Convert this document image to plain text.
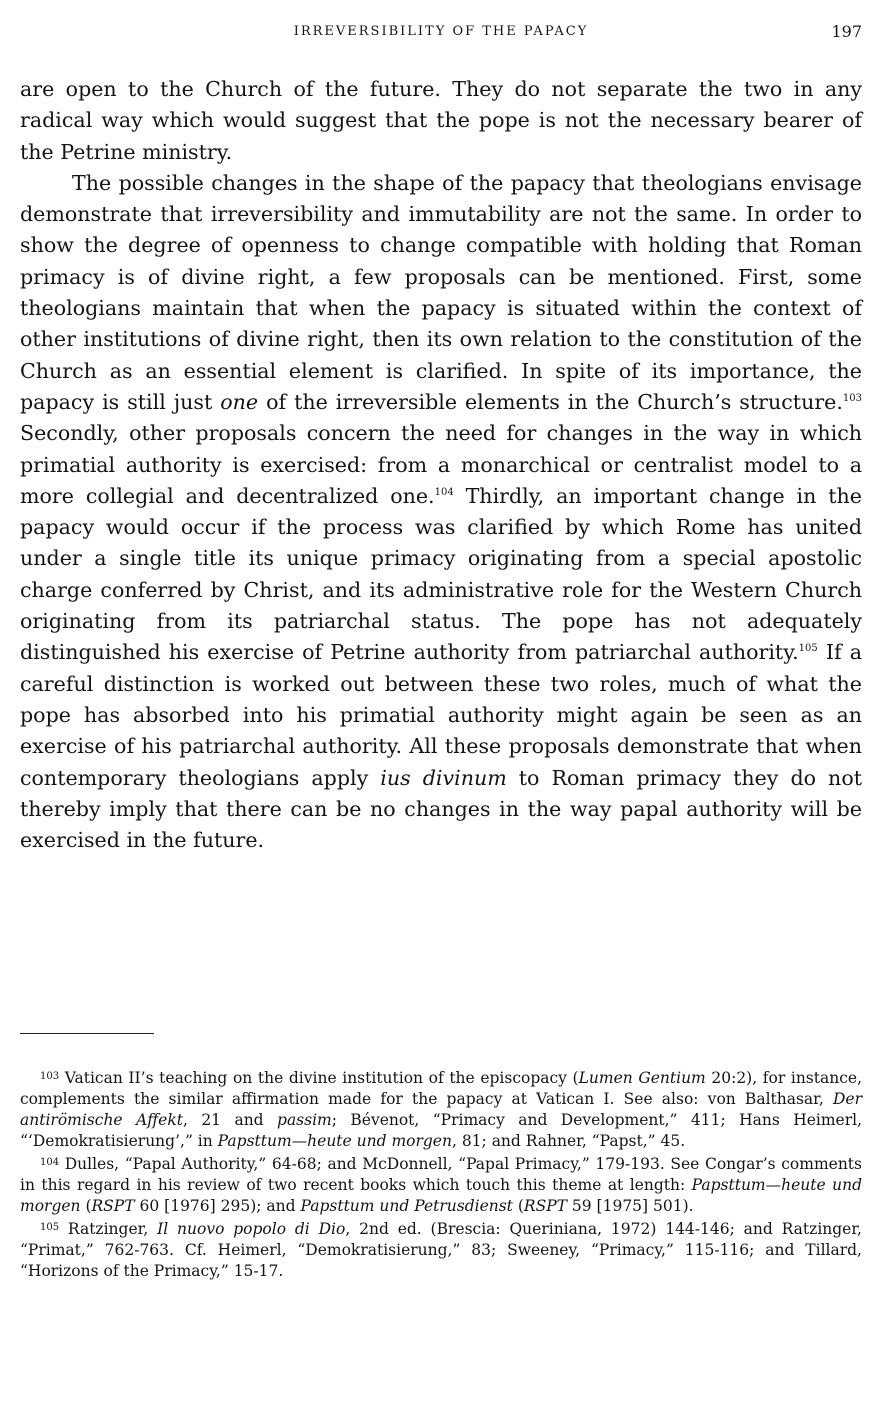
IRREVERSIBILITY OF THE PAPACY	197

are open to the Church of the future. They do not separate the two in any radical way which would suggest that the pope is not the necessary bearer of the Petrine ministry.

The possible changes in the shape of the papacy that theologians envisage demonstrate that irreversibility and immutability are not the same. In order to show the degree of openness to change compatible with holding that Roman primacy is of divine right, a few proposals can be mentioned. First, some theologians maintain that when the papacy is situated within the context of other institutions of divine right, then its own relation to the constitution of the Church as an essential element is clarified. In spite of its importance, the papacy is still just one of the irreversible elements in the Church’s structure.$^{103}$ Secondly, other proposals concern the need for changes in the way in which primatial authority is exercised: from a monarchical or centralist model to a more collegial and decentralized one.$^{104}$ Thirdly, an important change in the papacy would occur if the process was clarified by which Rome has united under a single title its unique primacy originating from a special apostolic charge conferred by Christ, and its administrative role for the Western Church originating from its patriarchal status. The pope has not adequately distinguished his exercise of Petrine authority from patriarchal authority.$^{105}$ If a careful distinction is worked out between these two roles, much of what the pope has absorbed into his primatial authority might again be seen as an exercise of his patriarchal authority. All these proposals demonstrate that when contemporary theologians apply ius divinum to Roman primacy they do not thereby imply that there can be no changes in the way papal authority will be exercised in the future.

$^{103}$ Vatican II’s teaching on the divine institution of the episcopacy (Lumen Gentium 20:2), for instance, complements the similar affirmation made for the papacy at Vatican I. See also: von Balthasar, Der antirömische Affekt, 21 and passim; Bévenot, “Primacy and Development,” 411; Hans Heimerl, “‘Demokratisierung’,” in Papsttum—heute und morgen, 81; and Rahner, “Papst,” 45.

$^{104}$ Dulles, “Papal Authority,” 64-68; and McDonnell, “Papal Primacy,” 179-193. See Congar’s comments in this regard in his review of two recent books which touch this theme at length: Papsttum—heute und morgen (RSPT 60 [1976] 295); and Papsttum und Petrusdienst (RSPT 59 [1975] 501).

$^{105}$ Ratzinger, Il nuovo popolo di Dio, 2nd ed. (Brescia: Queriniana, 1972) 144-146; and Ratzinger, “Primat,” 762-763. Cf. Heimerl, “Demokratisierung,” 83; Sweeney, “Primacy,” 115-116; and Tillard, “Horizons of the Primacy,” 15-17.
